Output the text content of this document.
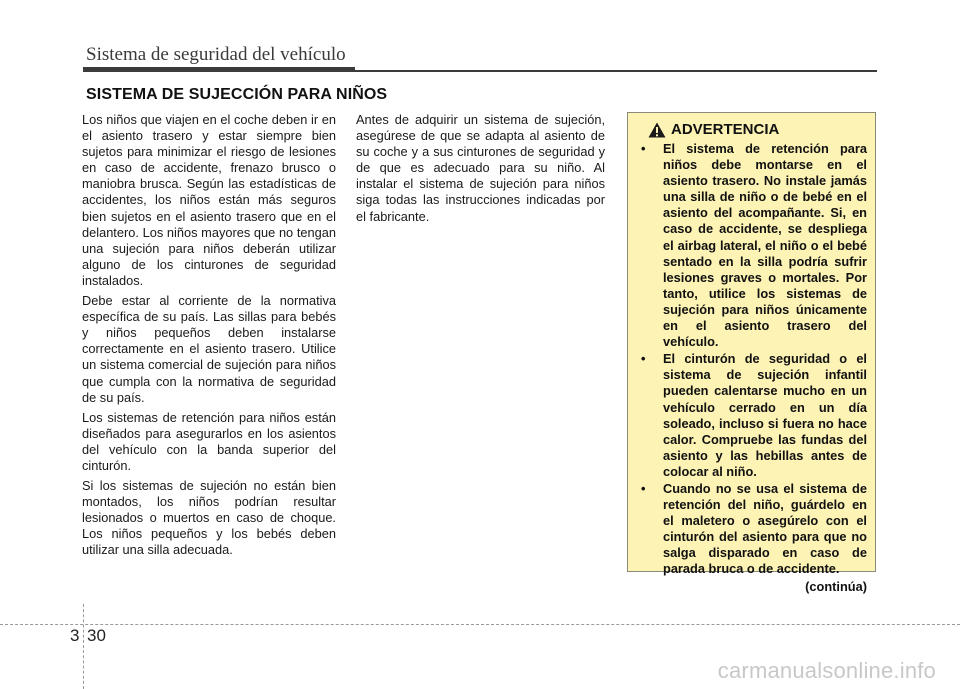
Sistema de seguridad del vehículo
SISTEMA DE SUJECCIÓN PARA NIÑOS

Los niños que viajen en el coche deben ir en el asiento trasero y estar siempre bien sujetos para minimizar el riesgo de lesiones en caso de accidente, frenazo brusco o maniobra brusca. Según las estadísticas de accidentes, los niños están más seguros bien sujetos en el asiento trasero que en el delantero. Los niños mayores que no tengan una sujeción para niños deberán utilizar alguno de los cinturones de seguridad instalados.

Debe estar al corriente de la normativa específica de su país. Las sillas para bebés y niños pequeños deben instalarse correctamente en el asiento trasero. Utilice un sistema comercial de sujeción para niños que cumpla con la normativa de seguridad de su país.

Los sistemas de retención para niños están diseñados para asegurarlos en los asientos del vehículo con la banda superior del cinturón.

Si los sistemas de sujeción no están bien montados, los niños podrían resultar lesionados o muertos en caso de choque. Los niños pequeños y los bebés deben utilizar una silla adecuada.

Antes de adquirir un sistema de sujeción, asegúrese de que se adapta al asiento de su coche y a sus cinturones de seguridad y de que es adecuado para su niño. Al instalar el sistema de sujeción para niños siga todas las instrucciones indicadas por el fabricante.

ADVERTENCIA
• El sistema de retención para niños debe montarse en el asiento trasero. No instale jamás una silla de niño o de bebé en el asiento del acompañante. Si, en caso de accidente, se despliega el airbag lateral, el niño o el bebé sentado en la silla podría sufrir lesiones graves o mortales. Por tanto, utilice los sistemas de sujeción para niños únicamente en el asiento trasero del vehículo.
• El cinturón de seguridad o el sistema de sujeción infantil pueden calentarse mucho en un vehículo cerrado en un día soleado, incluso si fuera no hace calor. Compruebe las fundas del asiento y las hebillas antes de colocar al niño.
• Cuando no se usa el sistema de retención del niño, guárdelo en el maletero o asegúrelo con el cinturón del asiento para que no salga disparado en caso de parada bruca o de accidente.
(continúa)
3 30
carmanualsonline.info
